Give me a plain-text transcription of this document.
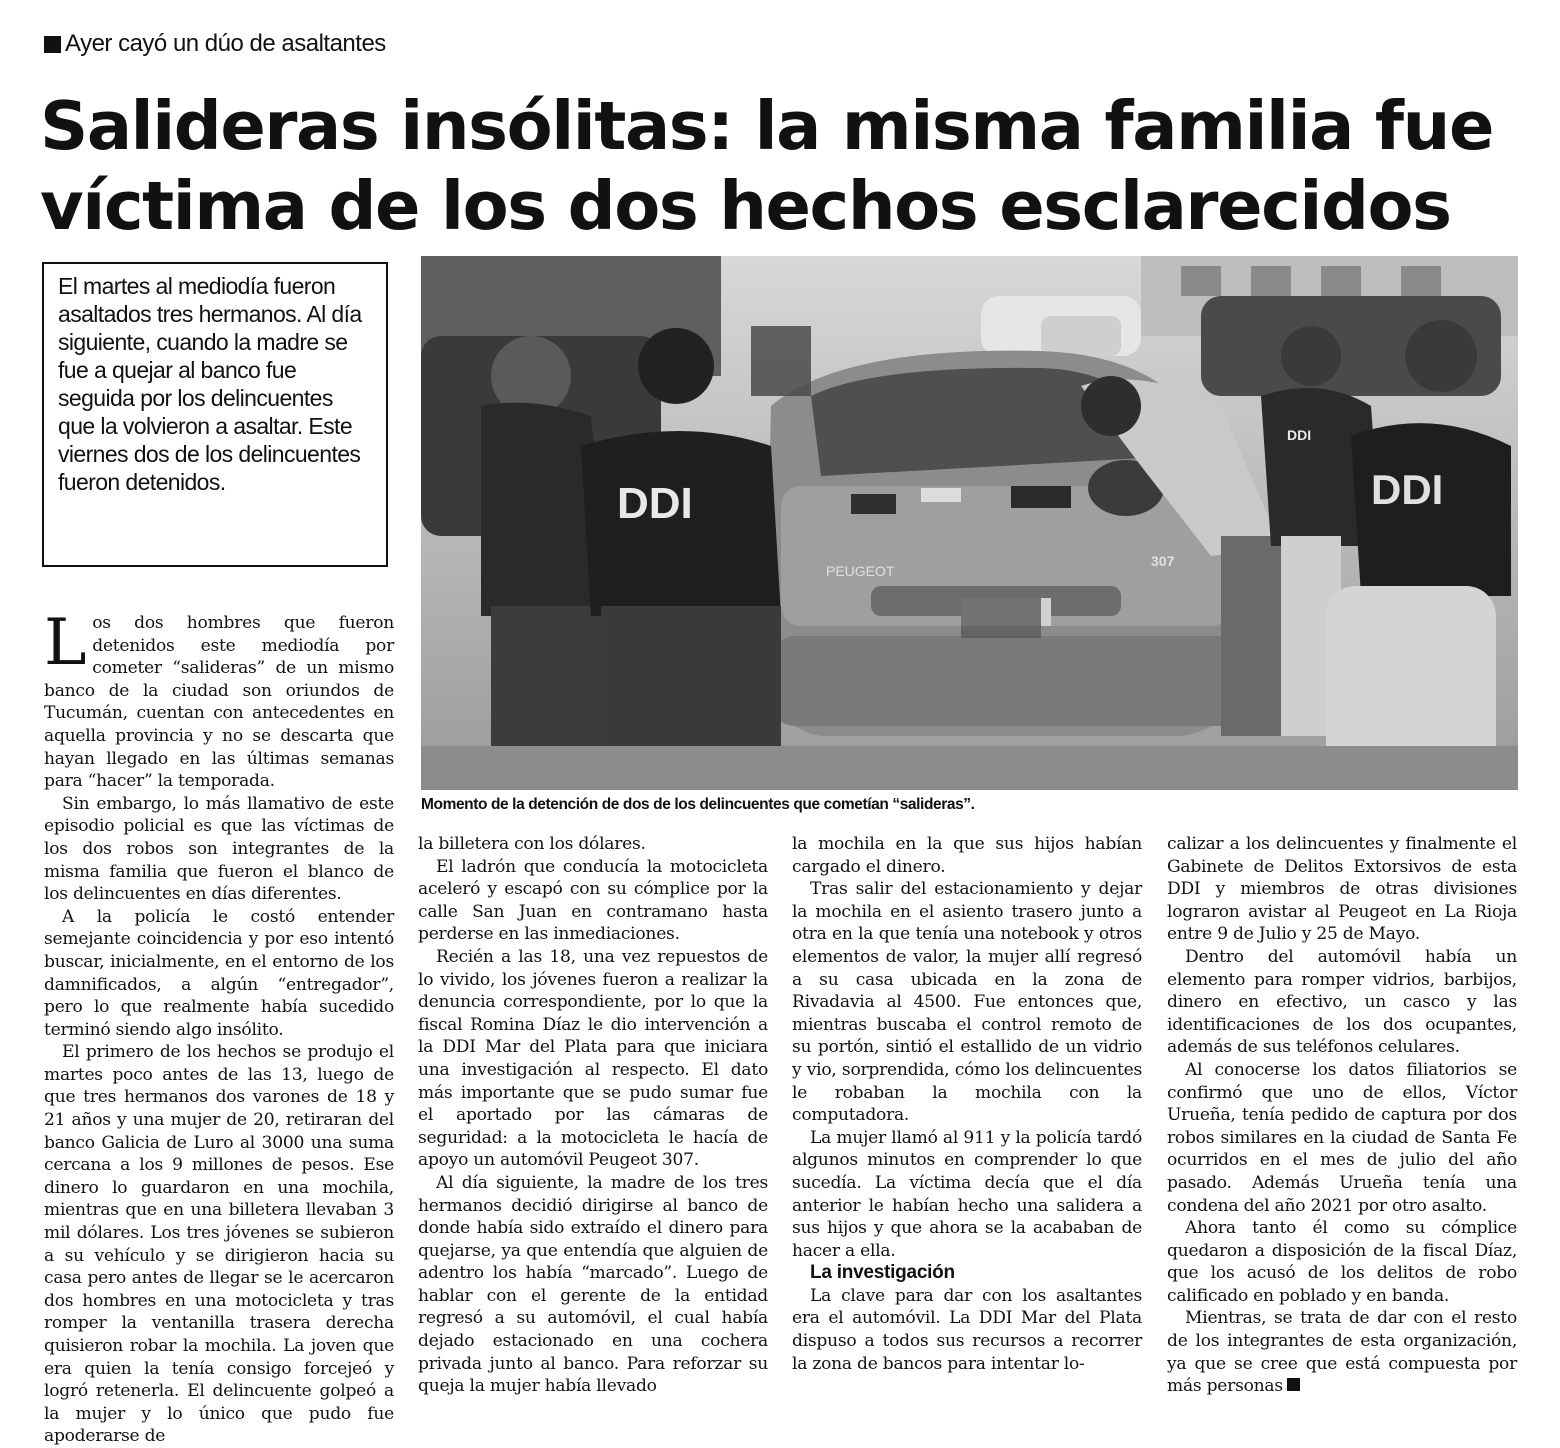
Ayer cayó un dúo de asaltantes
Salideras insólitas: la misma familia fue
víctima de los dos hechos esclarecidos
El martes al mediodía fueron asaltados tres hermanos. Al día siguiente, cuando la madre se fue a quejar al banco fue seguida por los delincuentes que la volvieron a asaltar. Este viernes dos de los delincuentes fueron detenidos.
PEUGEOT
307
DDI
DDI
DDI
Momento de la detención de dos de los delincuentes que cometían “salideras”.

Los dos hombres que fueron detenidos este mediodía por cometer “salideras” de un mismo banco de la ciudad son oriundos de Tucumán, cuentan con antecedentes en aquella provincia y no se descarta que hayan llegado en las últimas semanas para “hacer” la temporada.

Sin embargo, lo más llamativo de este episodio policial es que las víctimas de los dos robos son integrantes de la misma familia que fueron el blanco de los delincuentes en días diferentes.

A la policía le costó entender semejante coincidencia y por eso intentó buscar, inicialmente, en el entorno de los damnificados, a algún “entregador”, pero lo que realmente había sucedido terminó siendo algo insólito.

El primero de los hechos se produjo el martes poco antes de las 13, luego de que tres hermanos dos varones de 18 y 21 años y una mujer de 20, retiraran del banco Galicia de Luro al 3000 una suma cercana a los 9 millones de pesos. Ese dinero lo guardaron en una mochila, mientras que en una billetera llevaban 3 mil dólares. Los tres jóvenes se subieron a su vehículo y se dirigieron hacia su casa pero antes de llegar se le acercaron dos hombres en una motocicleta y tras romper la ventanilla trasera derecha quisieron robar la mochila. La joven que era quien la tenía consigo forcejeó y logró retenerla. El delincuente golpeó a la mujer y lo único que pudo fue apoderarse de

la billetera con los dólares.

El ladrón que conducía la motocicleta aceleró y escapó con su cómplice por la calle San Juan en contramano hasta perderse en las inmediaciones.

Recién a las 18, una vez repuestos de lo vivido, los jóvenes fueron a realizar la denuncia correspondiente, por lo que la fiscal Romina Díaz le dio intervención a la DDI Mar del Plata para que iniciara una investigación al respecto. El dato más importante que se pudo sumar fue el aportado por las cámaras de seguridad: a la motocicleta le hacía de apoyo un automóvil Peugeot 307.

Al día siguiente, la madre de los tres hermanos decidió dirigirse al banco de donde había sido extraído el dinero para quejarse, ya que entendía que alguien de adentro los había “marcado”. Luego de hablar con el gerente de la entidad regresó a su automóvil, el cual había dejado estacionado en una cochera privada junto al banco. Para reforzar su queja la mujer había llevado

la mochila en la que sus hijos habían cargado el dinero.

Tras salir del estacionamiento y dejar la mochila en el asiento trasero junto a otra en la que tenía una notebook y otros elementos de valor, la mujer allí regresó a su casa ubicada en la zona de Rivadavia al 4500. Fue entonces que, mientras buscaba el control remoto de su portón, sintió el estallido de un vidrio y vio, sorprendida, cómo los delincuentes le robaban la mochila con la computadora.

La mujer llamó al 911 y la policía tardó algunos minutos en comprender lo que sucedía. La víctima decía que el día anterior le habían hecho una salidera a sus hijos y que ahora se la acababan de hacer a ella.

La investigación

La clave para dar con los asaltantes era el automóvil. La DDI Mar del Plata dispuso a todos sus recursos a recorrer la zona de bancos para intentar lo-

calizar a los delincuentes y finalmente el Gabinete de Delitos Extorsivos de esta DDI y miembros de otras divisiones lograron avistar al Peugeot en La Rioja entre 9 de Julio y 25 de Mayo.

Dentro del automóvil había un elemento para romper vidrios, barbijos, dinero en efectivo, un casco y las identificaciones de los dos ocupantes, además de sus teléfonos celulares.

Al conocerse los datos filiatorios se confirmó que uno de ellos, Víctor Urueña, tenía pedido de captura por dos robos similares en la ciudad de Santa Fe ocurridos en el mes de julio del año pasado. Además Urueña tenía una condena del año 2021 por otro asalto.

Ahora tanto él como su cómplice quedaron a disposición de la fiscal Díaz, que los acusó de los delitos de robo calificado en poblado y en banda.

Mientras, se trata de dar con el resto de los integrantes de esta organización, ya que se cree que está compuesta por más personas
